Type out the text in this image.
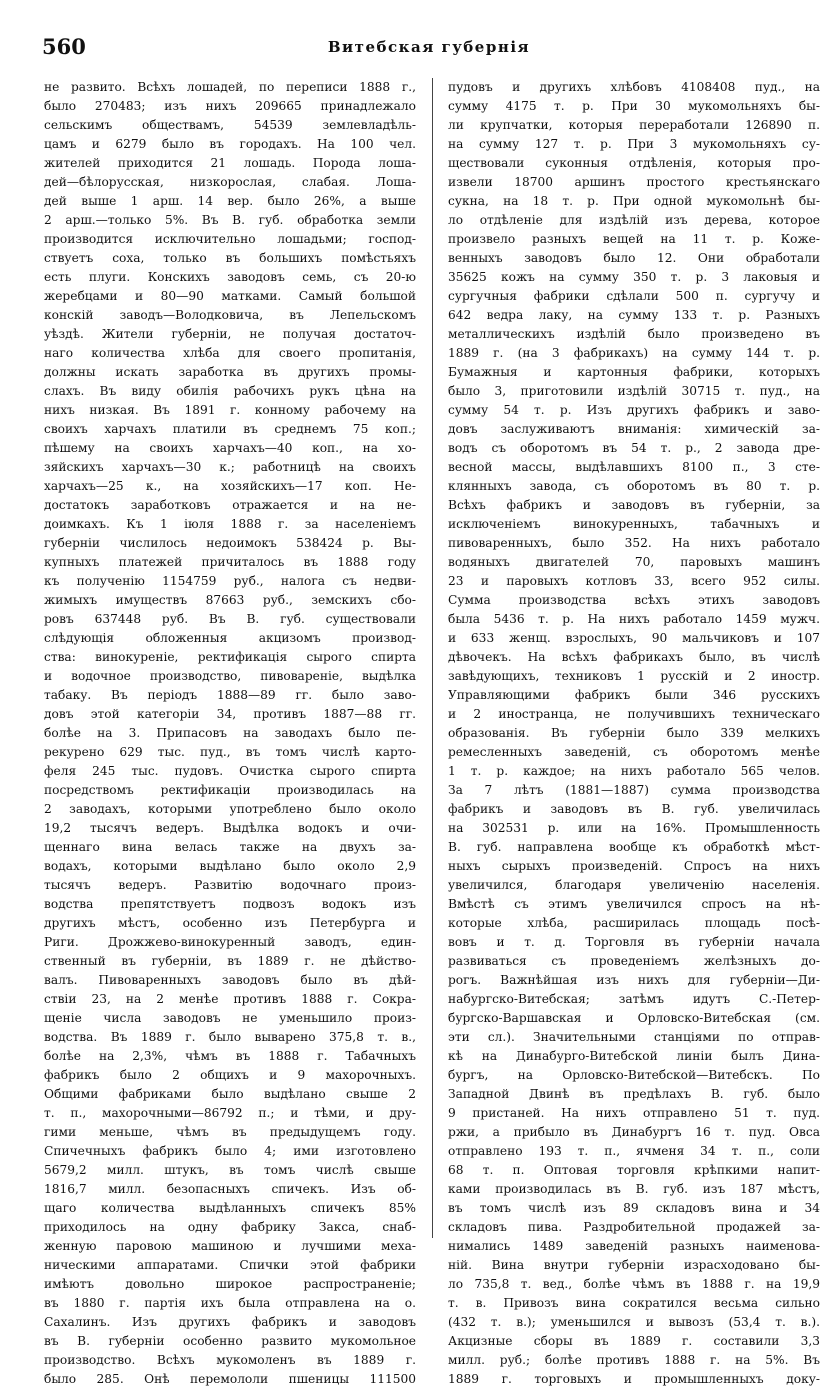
560	Витебская губернія
не развито. Всѣхъ лошадей, по переписи 1888 г.,
было 270483; изъ нихъ 209665 принадлежало
сельскимъ обществамъ, 54539 землевладѣль-
цамъ и 6279 было въ городахъ. На 100 чел.
жителей приходится 21 лошадь. Порода лоша-
дей—бѣлорусская, низкорослая, слабая. Лоша-
дей выше 1 арш. 14 вер. было 26%, а выше
2 арш.—только 5%. Въ В. губ. обработка земли
производится исключительно лошадьми; господ-
ствуетъ соха, только въ большихъ помѣстьяхъ
есть плуги. Конскихъ заводовъ семь, съ 20-ю
жеребцами и 80—90 матками. Самый большой
конскій заводъ—Володковича, въ Лепельскомъ
уѣздѣ. Жители губерніи, не получая достаточ-
наго количества хлѣба для своего пропитанія,
должны искать заработка въ другихъ промы-
слахъ. Въ виду обилія рабочихъ рукъ цѣна на
нихъ низкая. Въ 1891 г. конному рабочему на
своихъ харчахъ платили въ среднемъ 75 коп.;
пѣшему на своихъ харчахъ—40 коп., на хо-
зяйскихъ харчахъ—30 к.; работницѣ на своихъ
харчахъ—25 к., на хозяйскихъ—17 коп. Не-
достатокъ заработковъ отражается и на не-
доимкахъ. Къ 1 іюля 1888 г. за населеніемъ
губерніи числилось недоимокъ 538424 р. Вы-
купныхъ платежей причиталось въ 1888 году
къ полученію 1154759 руб., налога съ недви-
жимыхъ имуществъ 87663 руб., земскихъ сбо-
ровъ 637448 руб. Въ В. губ. существовали
слѣдующія обложенныя акцизомъ производ-
ства: винокуреніе, ректификація сырого спирта
и водочное производство, пивовареніе, выдѣлка
табаку. Въ періодъ 1888—89 гг. было заво-
довъ этой категоріи 34, противъ 1887—88 гг.
болѣе на 3. Припасовъ на заводахъ было пе-
рекурено 629 тыс. пуд., въ томъ числѣ карто-
феля 245 тыс. пудовъ. Очистка сырого спирта
посредствомъ ректификаціи производилась на
2 заводахъ, которыми употреблено было около
19,2 тысячъ ведеръ. Выдѣлка водокъ и очи-
щеннаго вина велась также на двухъ за-
водахъ, которыми выдѣлано было около 2,9
тысячъ ведеръ. Развитію водочнаго произ-
водства препятствуетъ подвозъ водокъ изъ
другихъ мѣстъ, особенно изъ Петербурга и
Риги. Дрожжево-винокуренный заводъ, един-
ственный въ губерніи, въ 1889 г. не дѣйство-
валъ. Пивоваренныхъ заводовъ было въ дѣй-
ствіи 23, на 2 менѣе противъ 1888 г. Сокра-
щеніе числа заводовъ не уменьшило произ-
водства. Въ 1889 г. было выварено 375,8 т. в.,
болѣе на 2,3%, чѣмъ въ 1888 г. Табачныхъ
фабрикъ было 2 общихъ и 9 махорочныхъ.
Общими фабриками было выдѣлано свыше 2
т. п., махорочными—86792 п.; и тѣми, и дру-
гими меньше, чѣмъ въ предыдущемъ году.
Спичечныхъ фабрикъ было 4; ими изготовлено
5679,2 милл. штукъ, въ томъ числѣ свыше
1816,7 милл. безопасныхъ спичекъ. Изъ об-
щаго количества выдѣланныхъ спичекъ 85%
приходилось на одну фабрику Закса, снаб-
женную паровою машиною и лучшими меха-
ническими аппаратами. Спички этой фабрики
имѣютъ довольно широкое распространеніе;
въ 1880 г. партія ихъ была отправлена на о.
Сахалинъ. Изъ другихъ фабрикъ и заводовъ
въ В. губерніи особенно развито мукомольное
производство. Всѣхъ мукомоленъ въ 1889 г.
было 285. Онѣ перемололи пшеницы 111500
пудовъ и другихъ хлѣбовъ 4108408 пуд., на
сумму 4175 т. р. При 30 мукомольняхъ бы-
ли крупчатки, которыя переработали 126890 п.
на сумму 127 т. р. При 3 мукомольняхъ су-
ществовали суконныя отдѣленія, которыя про-
извели 18700 аршинъ простого крестьянскаго
сукна, на 18 т. р. При одной мукомольнѣ бы-
ло отдѣленіе для издѣлій изъ дерева, которое
произвело разныхъ вещей на 11 т. р. Коже-
венныхъ заводовъ было 12. Они обработали
35625 кожъ на сумму 350 т. р. 3 лаковыя и
сургучныя фабрики сдѣлали 500 п. сургучу и
642 ведра лаку, на сумму 133 т. р. Разныхъ
металлическихъ издѣлій было произведено въ
1889 г. (на 3 фабрикахъ) на сумму 144 т. р.
Бумажныя и картонныя фабрики, которыхъ
было 3, приготовили издѣлій 30715 т. пуд., на
сумму 54 т. р. Изъ другихъ фабрикъ и заво-
довъ заслуживаютъ вниманія: химическій за-
водъ съ оборотомъ въ 54 т. р., 2 завода дре-
весной массы, выдѣлавшихъ 8100 п., 3 сте-
клянныхъ завода, съ оборотомъ въ 80 т. р.
Всѣхъ фабрикъ и заводовъ въ губерніи, за
исключеніемъ винокуренныхъ, табачныхъ и
пивоваренныхъ, было 352. На нихъ работало
водяныхъ двигателей 70, паровыхъ машинъ
23 и паровыхъ котловъ 33, всего 952 силы.
Сумма производства всѣхъ этихъ заводовъ
была 5436 т. р. На нихъ работало 1459 мужч.
и 633 женщ. взрослыхъ, 90 мальчиковъ и 107
дѣвочекъ. На всѣхъ фабрикахъ было, въ числѣ
завѣдующихъ, техниковъ 1 русскій и 2 иностр.
Управляющими фабрикъ были 346 русскихъ
и 2 иностранца, не получившихъ техническаго
образованія. Въ губерніи было 339 мелкихъ
ремесленныхъ заведеній, съ оборотомъ менѣе
1 т. р. каждое; на нихъ работало 565 челов.
За 7 лѣтъ (1881—1887) сумма производства
фабрикъ и заводовъ въ В. губ. увеличилась
на 302531 р. или на 16%. Промышленность
В. губ. направлена вообще къ обработкѣ мѣст-
ныхъ сырыхъ произведеній. Спросъ на нихъ
увеличился, благодаря увеличенію населенія.
Вмѣстѣ съ этимъ увеличился спросъ на нѣ-
которые хлѣба, расширилась площадь посѣ-
вовъ и т. д. Торговля въ губерніи начала
развиваться съ проведеніемъ желѣзныхъ до-
рогъ. Важнѣйшая изъ нихъ для губерніи—Ди-
набургско-Витебская; затѣмъ идутъ С.-Петер-
бургско-Варшавская и Орловско-Витебская (см.
эти сл.). Значительными станціями по отправ-
кѣ на Динабурго-Витебской линіи былъ Дина-
бургъ, на Орловско-Витебской—Витебскъ. По
Западной Двинѣ въ предѣлахъ В. губ. было
9 пристаней. На нихъ отправлено 51 т. пуд.
ржи, а прибыло въ Динабургъ 16 т. пуд. Овса
отправлено 193 т. п., ячменя 34 т. п., соли
68 т. п. Оптовая торговля крѣпкими напит-
ками производилась въ В. губ. изъ 187 мѣстъ,
въ томъ числѣ изъ 89 складовъ вина и 34
складовъ пива. Раздробительной продажей за-
нимались 1489 заведеній разныхъ наименова-
ній. Вина внутри губерніи израсходовано бы-
ло 735,8 т. вед., болѣе чѣмъ въ 1888 г. на 19,9
т. в. Привозъ вина сократился весьма сильно
(432 т. в.); уменьшился и вывозъ (53,4 т. в.).
Акцизные сборы въ 1889 г. составили 3,3
милл. руб.; болѣе противъ 1888 г. на 5%. Въ
1889 г. торговыхъ и промышленныхъ доку-
